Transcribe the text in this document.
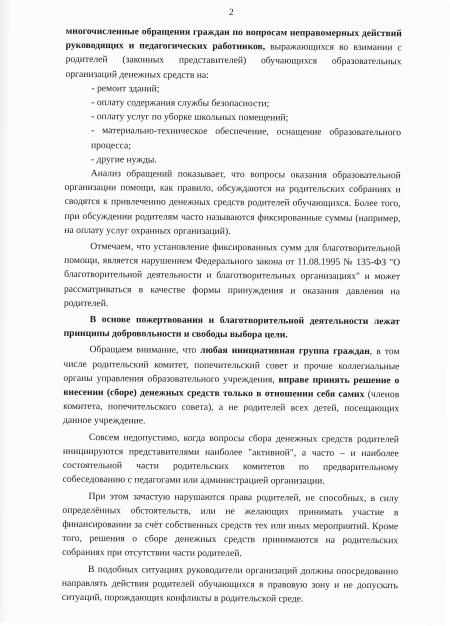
2

многочисленные обращения граждан по вопросам неправомерных действий руководящих и педагогических работников, выражающихся во взимании с родителей (законных представителей) обучающихся образовательных организаций денежных средств на:

- ремонт зданий;
- оплату содержания службы безопасности;
- оплату услуг по уборке школьных помещений;
- материально-техническое обеспечение, оснащение образовательного процесса;
- другие нужды.

Анализ обращений показывает, что вопросы оказания образовательной организации помощи, как правило, обсуждаются на родительских собраниях и сводятся к привлечению денежных средств родителей обучающихся. Более того, при обсуждении родителям часто называются фиксированные суммы (например, на оплату услуг охранных организаций).

Отмечаем, что установление фиксированных сумм для благотворительной помощи, является нарушением Федерального закона от 11.08.1995 № 135-ФЗ "О благотворительной деятельности и благотворительных организациях" и может рассматриваться в качестве формы принуждения и оказания давления на родителей.

В основе пожертвования и благотворительной деятельности лежат принципы добровольности и свободы выбора цели.

Обращаем внимание, что любая инициативная группа граждан, в том числе родительский комитет, попечительский совет и прочие коллегиальные органы управления образовательного учреждения, вправе принять решение о внесении (сборе) денежных средств только в отношении себя самих (членов комитета, попечительского совета), а не родителей всех детей, посещающих данное учреждение.

Совсем недопустимо, когда вопросы сбора денежных средств родителей инициируются представителями наиболее "активной", а часто – и наиболее состоятельной части родительских комитетов по предварительному собеседованию с педагогами или администрацией организации.

При этом зачастую нарушаются права родителей, не способных, в силу определённых обстоятельств, или не желающих принимать участие в финансировании за счёт собственных средств тех или иных мероприятий. Кроме того, решения о сборе денежных средств принимаются на родительских собраниях при отсутствии части родителей.

В подобных ситуациях руководители организаций должны опосредованно направлять действия родителей обучающихся в правовую зону и не допускать ситуаций, порождающих конфликты в родительской среде.
